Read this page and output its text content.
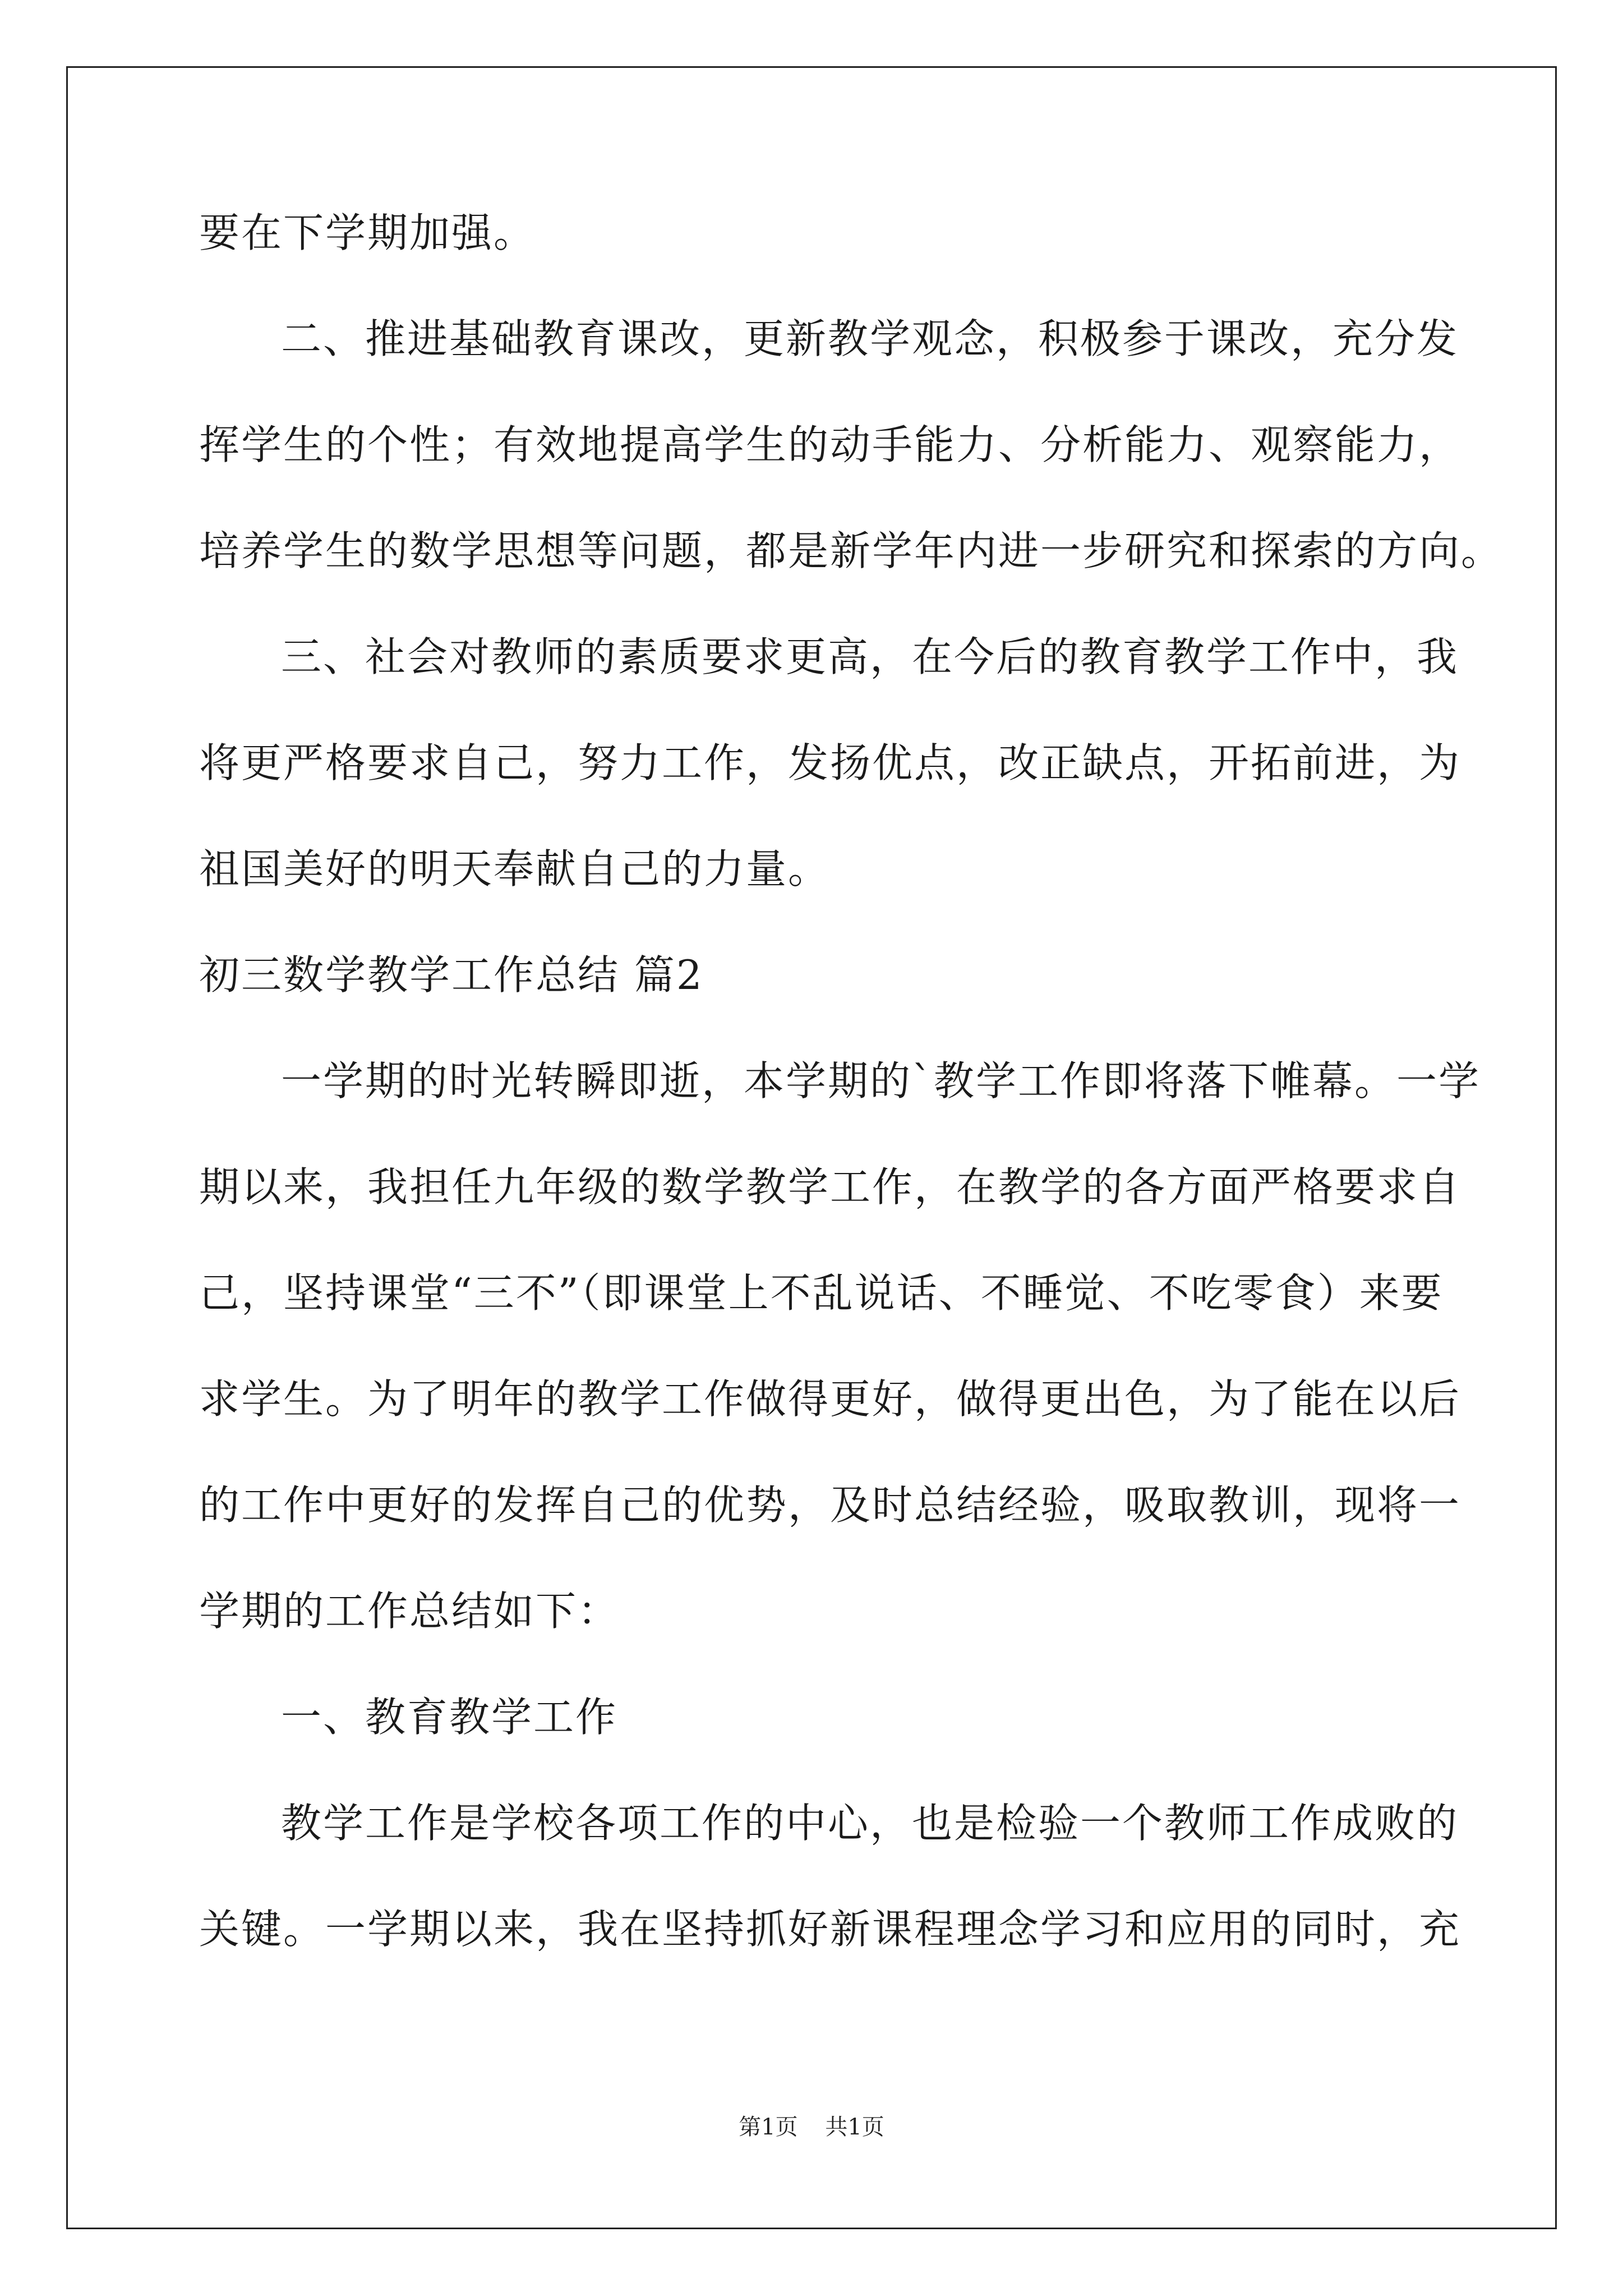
要在下学期加强。
二、推进基础教育课改，更新教学观念，积极参于课改，充分发
挥学生的个性；有效地提高学生的动手能力、分析能力、观察能力，
培养学生的数学思想等问题，都是新学年内进一步研究和探索的方向。
三、社会对教师的素质要求更高，在今后的教育教学工作中，我
将更严格要求自己，努力工作，发扬优点，改正缺点，开拓前进，为
祖国美好的明天奉献自己的力量。
初三数学教学工作总结 篇2
一学期的时光转瞬即逝，本学期的`教学工作即将落下帷幕。一学
期以来，我担任九年级的数学教学工作，在教学的各方面严格要求自
己，坚持课堂“三不”（即课堂上不乱说话、不睡觉、不吃零食）来要
求学生。为了明年的教学工作做得更好，做得更出色，为了能在以后
的工作中更好的发挥自己的优势，及时总结经验，吸取教训，现将一
学期的工作总结如下：
一、教育教学工作
教学工作是学校各项工作的中心，也是检验一个教师工作成败的
关键。一学期以来，我在坚持抓好新课程理念学习和应用的同时，充
第1页 共1页
